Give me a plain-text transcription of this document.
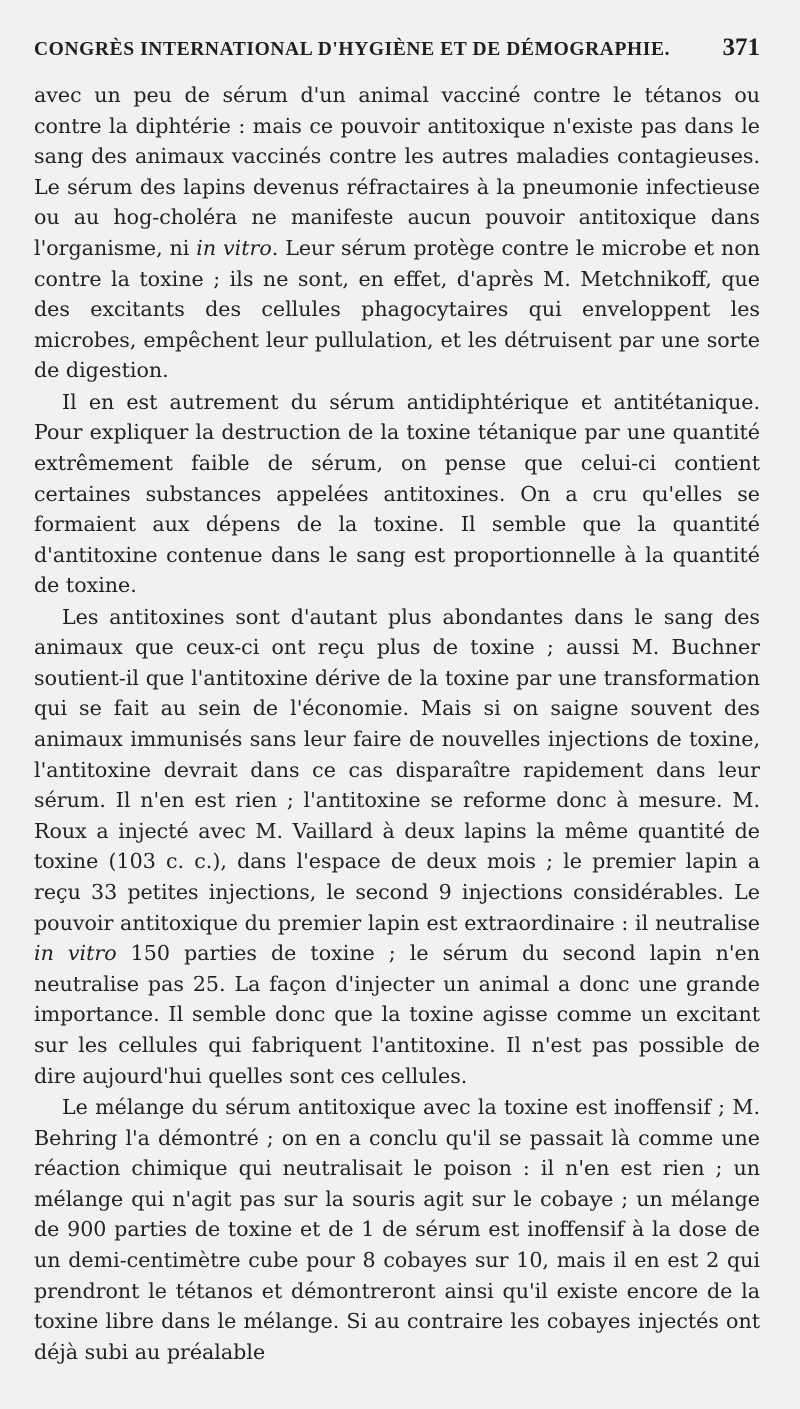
CONGRÈS INTERNATIONAL D'HYGIÈNE ET DE DÉMOGRAPHIE. 371

avec un peu de sérum d'un animal vacciné contre le tétanos ou contre la diphtérie : mais ce pouvoir antitoxique n'existe pas dans le sang des animaux vaccinés contre les autres maladies contagieuses. Le sérum des lapins devenus réfractaires à la pneumonie infectieuse ou au hog-choléra ne manifeste aucun pouvoir antitoxique dans l'organisme, ni in vitro. Leur sérum protège contre le microbe et non contre la toxine ; ils ne sont, en effet, d'après M. Metchnikoff, que des excitants des cellules phagocytaires qui enveloppent les microbes, empêchent leur pullulation, et les détruisent par une sorte de digestion.

Il en est autrement du sérum antidiphtérique et antitétanique. Pour expliquer la destruction de la toxine tétanique par une quantité extrêmement faible de sérum, on pense que celui-ci contient certaines substances appelées antitoxines. On a cru qu'elles se formaient aux dépens de la toxine. Il semble que la quantité d'antitoxine contenue dans le sang est proportionnelle à la quantité de toxine.

Les antitoxines sont d'autant plus abondantes dans le sang des animaux que ceux-ci ont reçu plus de toxine ; aussi M. Buchner soutient-il que l'antitoxine dérive de la toxine par une transformation qui se fait au sein de l'économie. Mais si on saigne souvent des animaux immunisés sans leur faire de nouvelles injections de toxine, l'antitoxine devrait dans ce cas disparaître rapidement dans leur sérum. Il n'en est rien ; l'antitoxine se reforme donc à mesure. M. Roux a injecté avec M. Vaillard à deux lapins la même quantité de toxine (103 c. c.), dans l'espace de deux mois ; le premier lapin a reçu 33 petites injections, le second 9 injections considérables. Le pouvoir antitoxique du premier lapin est extraordinaire : il neutralise in vitro 150 parties de toxine ; le sérum du second lapin n'en neutralise pas 25. La façon d'injecter un animal a donc une grande importance. Il semble donc que la toxine agisse comme un excitant sur les cellules qui fabriquent l'antitoxine. Il n'est pas possible de dire aujourd'hui quelles sont ces cellules.

Le mélange du sérum antitoxique avec la toxine est inoffensif ; M. Behring l'a démontré ; on en a conclu qu'il se passait là comme une réaction chimique qui neutralisait le poison : il n'en est rien ; un mélange qui n'agit pas sur la souris agit sur le cobaye ; un mélange de 900 parties de toxine et de 1 de sérum est inoffensif à la dose de un demi-centimètre cube pour 8 cobayes sur 10, mais il en est 2 qui prendront le tétanos et démontreront ainsi qu'il existe encore de la toxine libre dans le mélange. Si au contraire les cobayes injectés ont déjà subi au préalable
